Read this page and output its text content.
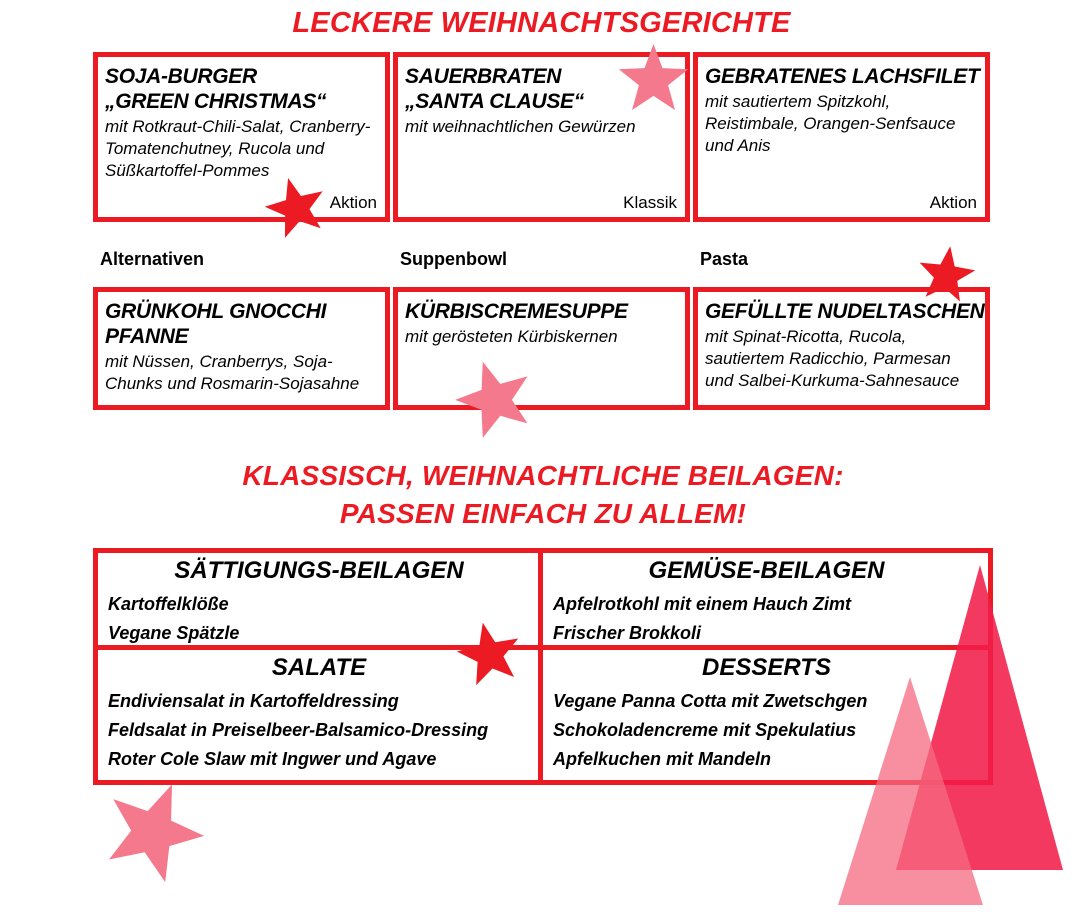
LECKERE WEIHNACHTSGERICHTE
SOJA-BURGER
„GREEN CHRISTMAS“
mit Rotkraut-Chili-Salat, Cranberry-Tomatenchutney, Rucola und Süßkartoffel-Pommes
Aktion
SAUERBRATEN
„SANTA CLAUSE“
mit weihnachtlichen Gewürzen
Klassik
GEBRATENES LACHSFILET
mit sautiertem Spitzkohl, Reistimbale, Orangen-Senfsauce und Anis
Aktion
Alternativen	Suppenbowl	Pasta
GRÜNKOHL GNOCCHI
PFANNE
mit Nüssen, Cranberrys, Soja-Chunks und Rosmarin-Sojasahne
KÜRBISCREMESUPPE
mit gerösteten Kürbiskernen
GEFÜLLTE NUDELTASCHEN
mit Spinat-Ricotta, Rucola, sautiertem Radicchio, Parmesan und Salbei-Kurkuma-Sahnesauce
KLASSISCH, WEIHNACHTLICHE BEILAGEN:
PASSEN EINFACH ZU ALLEM!
SÄTTIGUNGS-BEILAGEN
Kartoffelklöße
Vegane Spätzle
GEMÜSE-BEILAGEN
Apfelrotkohl mit einem Hauch Zimt
Frischer Brokkoli
SALATE
Endiviensalat in Kartoffeldressing
Feldsalat in Preiselbeer-Balsamico-Dressing
Roter Cole Slaw mit Ingwer und Agave
DESSERTS
Vegane Panna Cotta mit Zwetschgen
Schokoladencreme mit Spekulatius
Apfelkuchen mit Mandeln
